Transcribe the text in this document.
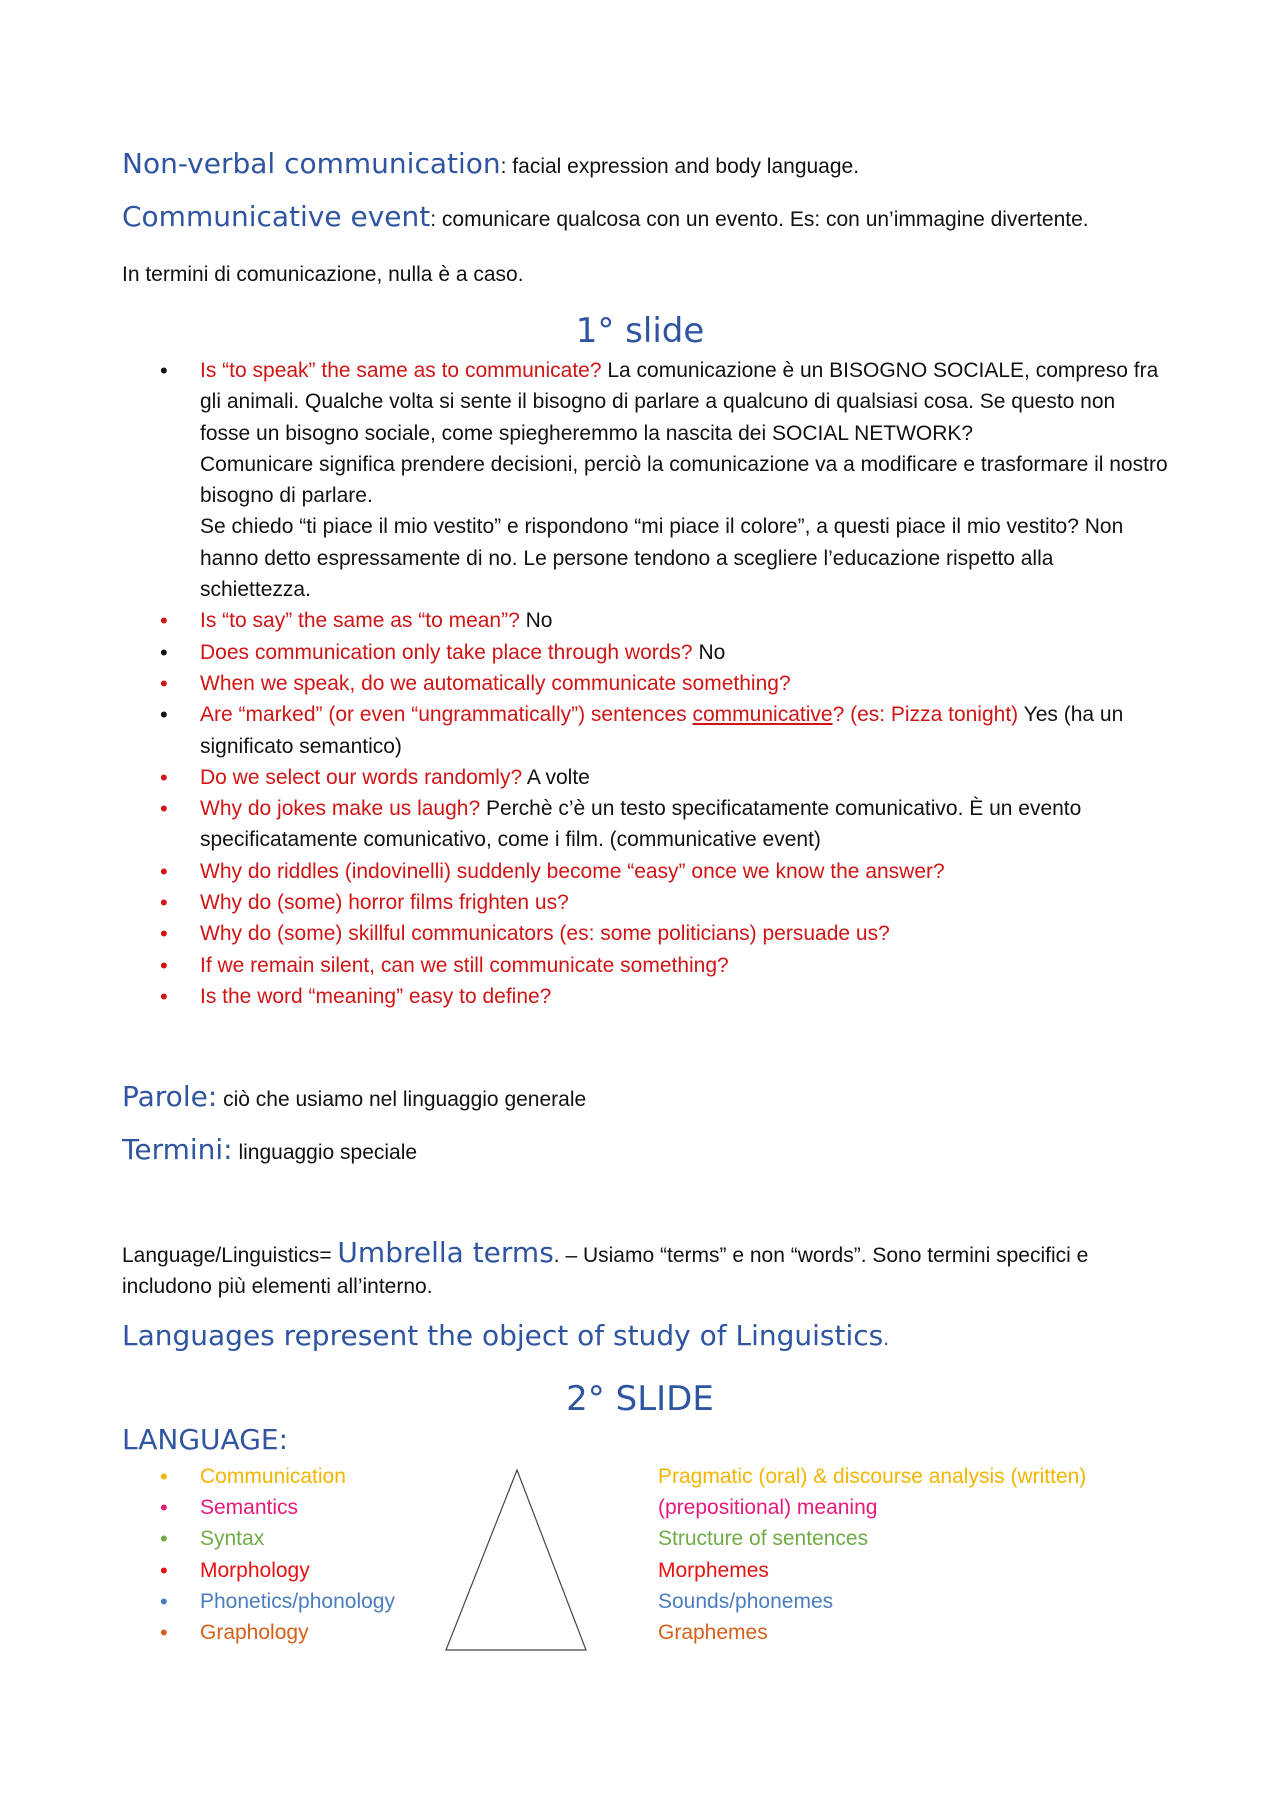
Non-verbal communication: facial expression and body language.
Communicative event: comunicare qualcosa con un evento. Es: con un’immagine divertente.
In termini di comunicazione, nulla è a caso.
1° slide
• Is “to speak” the same as to communicate? La comunicazione è un BISOGNO SOCIALE, compreso fra gli animali. Qualche volta si sente il bisogno di parlare a qualcuno di qualsiasi cosa. Se questo non fosse un bisogno sociale, come spiegheremmo la nascita dei SOCIAL NETWORK?
Comunicare significa prendere decisioni, perciò la comunicazione va a modificare e trasformare il nostro bisogno di parlare.
Se chiedo “ti piace il mio vestito” e rispondono “mi piace il colore”, a questi piace il mio vestito? Non hanno detto espressamente di no. Le persone tendono a scegliere l’educazione rispetto alla schiettezza.
• Is “to say” the same as “to mean”? No
• Does communication only take place through words? No
• When we speak, do we automatically communicate something?
• Are “marked” (or even “ungrammatically”) sentences communicative? (es: Pizza tonight) Yes (ha un significato semantico)
• Do we select our words randomly? A volte
• Why do jokes make us laugh? Perchè c’è un testo specificatamente comunicativo. È un evento specificatamente comunicativo, come i film. (communicative event)
• Why do riddles (indovinelli) suddenly become “easy” once we know the answer?
• Why do (some) horror films frighten us?
• Why do (some) skillful communicators (es: some politicians) persuade us?
• If we remain silent, can we still communicate something?
• Is the word “meaning” easy to define?
Parole: ciò che usiamo nel linguaggio generale
Termini: linguaggio speciale
Language/Linguistics= Umbrella terms. – Usiamo “terms” e non “words”. Sono termini specifici e includono più elementi all’interno.
Languages represent the object of study of Linguistics.
2° SLIDE
LANGUAGE:
• Communication
• Semantics
• Syntax
• Morphology
• Phonetics/phonology
• Graphology
Pragmatic (oral) & discourse analysis (written)
(prepositional) meaning
Structure of sentences
Morphemes
Sounds/phonemes
Graphemes
